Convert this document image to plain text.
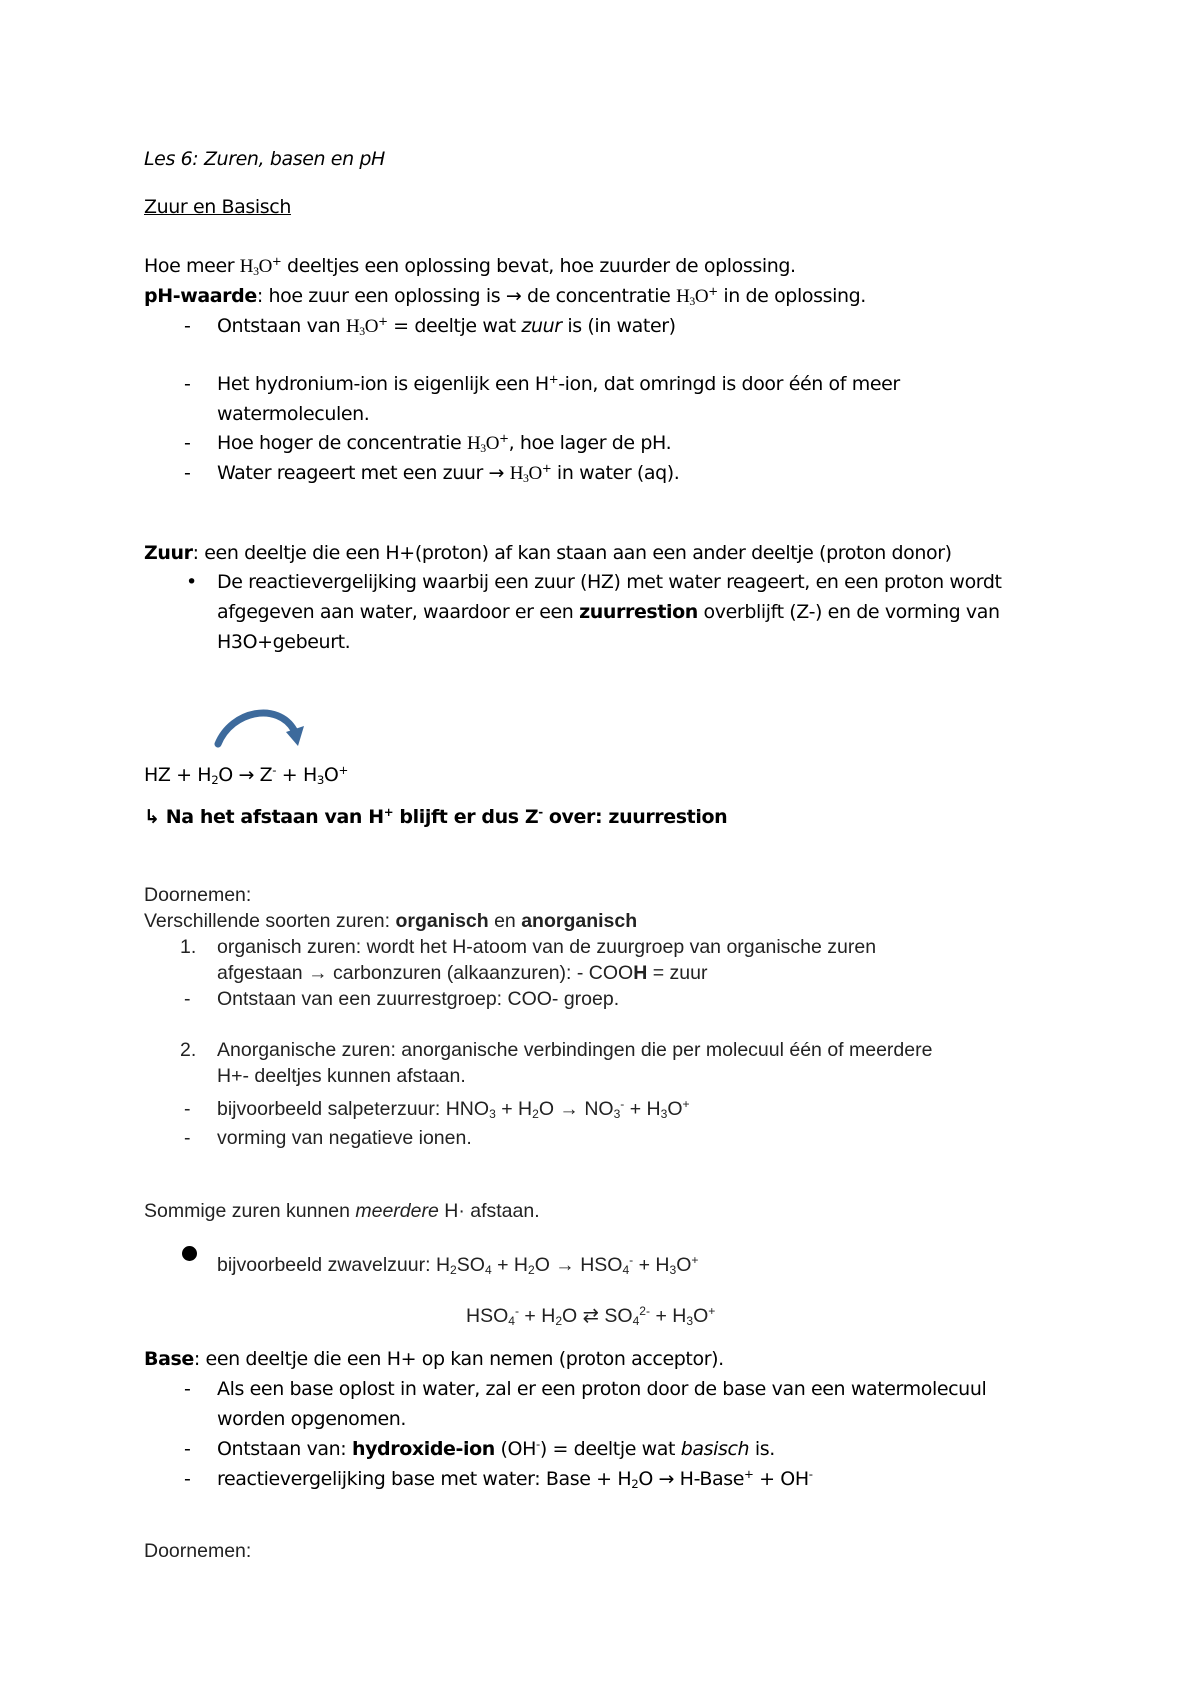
Les 6: Zuren, basen en pH
Zuur en Basisch
Hoe meer $H_3O^+$ deeltjes een oplossing bevat, hoe zuurder de oplossing.
pH-waarde: hoe zuur een oplossing is → de concentratie $H_3O^+$ in de oplossing.
-	Ontstaan van $H_3O^+$ = deeltje wat zuur is (in water)
-	Het hydronium-ion is eigenlijk een H+-ion, dat omringd is door één of meer
watermoleculen.
-	Hoe hoger de concentratie $H_3O^+$, hoe lager de pH.
-	Water reageert met een zuur → $H_3O^+$ in water (aq).
Zuur: een deeltje die een H+(proton) af kan staan aan een ander deeltje (proton donor)
•	De reactievergelijking waarbij een zuur (HZ) met water reageert, en een proton wordt
afgegeven aan water, waardoor er een zuurrestion overblijft (Z-) en de vorming van
H3O+gebeurt.
HZ + $H_2O \to Z^- + H_3O^+$
↳ Na het afstaan van H+ blijft er dus Z- over: zuurrestion
Doornemen:
Verschillende soorten zuren: organisch en anorganisch
1.	organisch zuren: wordt het H-atoom van de zuurgroep van organische zuren
afgestaan → carbonzuren (alkaanzuren): - COOH = zuur
-	Ontstaan van een zuurrestgroep: COO- groep.
2.	Anorganische zuren: anorganische verbindingen die per molecuul één of meerdere
H+- deeltjes kunnen afstaan.
-	bijvoorbeeld salpeterzuur: $HNO_3 + H_2O \to NO_3^- + H_3O^+$
-	vorming van negatieve ionen.
Sommige zuren kunnen meerdere H· afstaan.
bijvoorbeeld zwavelzuur: $H_2SO_4 + H_2O \to HSO_4^- + H_3O^+$
$HSO_4^- + H_2O$ ⇄ $SO_4^{2-} + H_3O^+$
Base: een deeltje die een H+ op kan nemen (proton acceptor).
-	Als een base oplost in water, zal er een proton door de base van een watermolecuul
worden opgenomen.
-	Ontstaan van: hydroxide-ion (OH-) = deeltje wat basisch is.
-	reactievergelijking base met water: Base + $H_2O$ → H-Base+ + OH-
Doornemen:
